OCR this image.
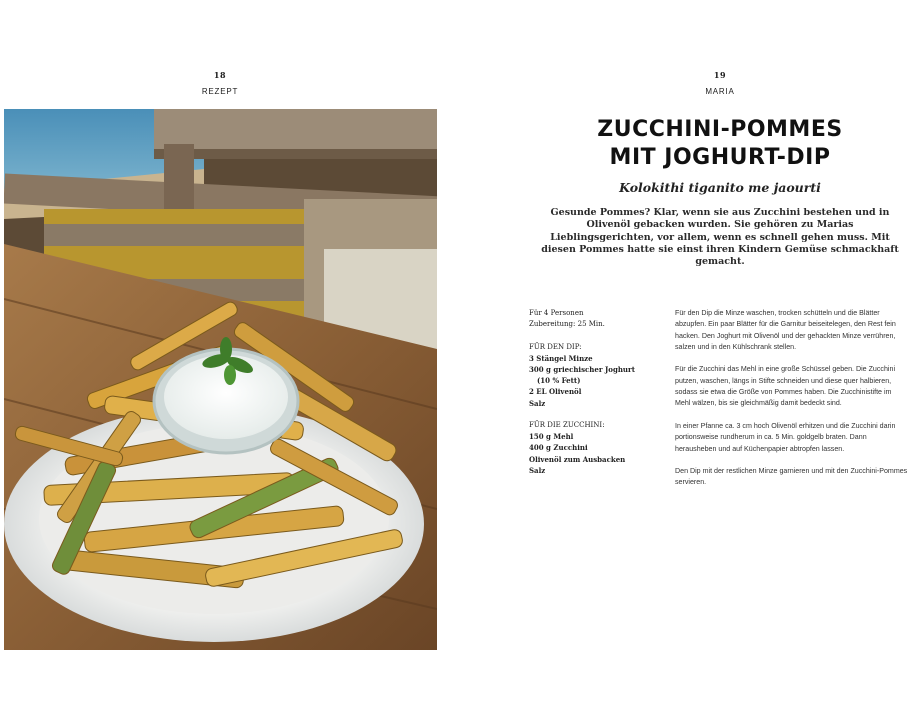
18
REZEPT
19
MARIA
ZUCCHINI-POMMES
MIT JOGHURT-DIP
Kolokithi tiganito me jaourti
Gesunde Pommes? Klar, wenn sie aus Zucchini bestehen und in Olivenöl gebacken wurden. Sie gehören zu Marias Lieblingsgerichten, vor allem, wenn es schnell gehen muss. Mit diesen Pommes hatte sie einst ihren Kindern Gemüse schmackhaft gemacht.
Für 4 Personen
Zubereitung: 25 Min.
FÜR DEN DIP:
3 Stängel Minze
300 g griechischer Joghurt
(10 % Fett)
2 EL Olivenöl
Salz
FÜR DIE ZUCCHINI:
150 g Mehl
400 g Zucchini
Olivenöl zum Ausbacken
Salz

Für den Dip die Minze waschen, trocken schütteln und die Blätter abzupfen. Ein paar Blätter für die Garnitur beiseitelegen, den Rest fein hacken. Den Joghurt mit Olivenöl und der gehackten Minze verrühren, salzen und in den Kühlschrank stellen.

Für die Zucchini das Mehl in eine große Schüssel geben. Die Zucchini putzen, waschen, längs in Stifte schneiden und diese quer halbieren, sodass sie etwa die Größe von Pommes haben. Die Zucchinistifte im Mehl wälzen, bis sie gleichmäßig damit bedeckt sind.

In einer Pfanne ca. 3 cm hoch Olivenöl erhitzen und die Zucchini darin portionsweise rundherum in ca. 5 Min. goldgelb braten. Dann herausheben und auf Küchenpapier abtropfen lassen.

Den Dip mit der restlichen Minze garnieren und mit den Zucchini-Pommes servieren.
